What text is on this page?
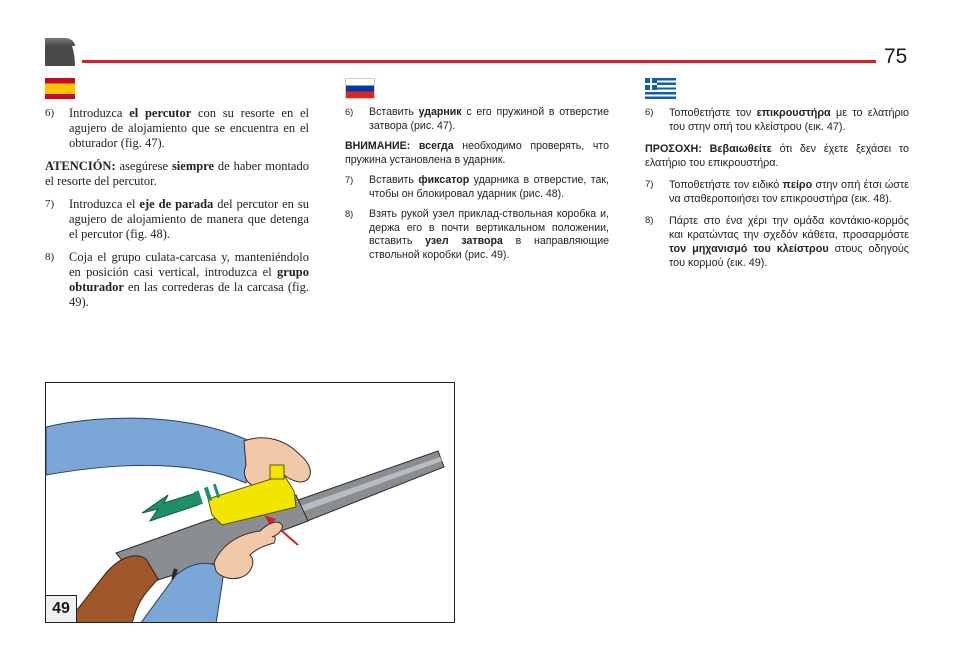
75

6) Introduzca el percutor con su resorte en el agujero de alojamiento que se encuentra en el obturador (fig. 47).

ATENCIÓN: asegúrese siempre de haber montado el resorte del percutor.

7) Introduzca el eje de parada del percutor en su agujero de alojamiento de manera que detenga el percutor (fig. 48).

8) Coja el grupo culata-carcasa y, manteniéndolo en posición casi vertical, introduzca el grupo obturador en las correderas de la carcasa (fig. 49).

6) Вставить ударник с его пружиной в отверстие затвора (рис. 47).

ВНИМАНИЕ: всегда необходимо проверять, что пружина установлена в ударник.

7) Вставить фиксатор ударника в отверстие, так, чтобы он блокировал ударник (рис. 48).

8) Взять рукой узел приклад-ствольная коробка и, держа его в почти вертикальном положении, вставить узел затвора в направляющие ствольной коробки (рис. 49).

6) Τοποθετήστε τον επικρουστήρα με το ελατήριο του στην οπή του κλείστρου (εικ. 47).

ΠΡΟΣΟΧΗ: Βεβαιωθείτε ότι δεν έχετε ξεχάσει το ελατήριο του επικρουστήρα.

7) Τοποθετήστε τον ειδικό πείρο στην οπή έτσι ώστε να σταθεροποιήσει τον επικρουστήρα (εικ. 48).

8) Πάρτε στο ένα χέρι την ομάδα κοντάκιο-κορμός και κρατώντας την σχεδόν κάθετα, προσαρμόστε τον μηχανισμό του κλείστρου στους οδηγούς του κορμού (εικ. 49).

49
